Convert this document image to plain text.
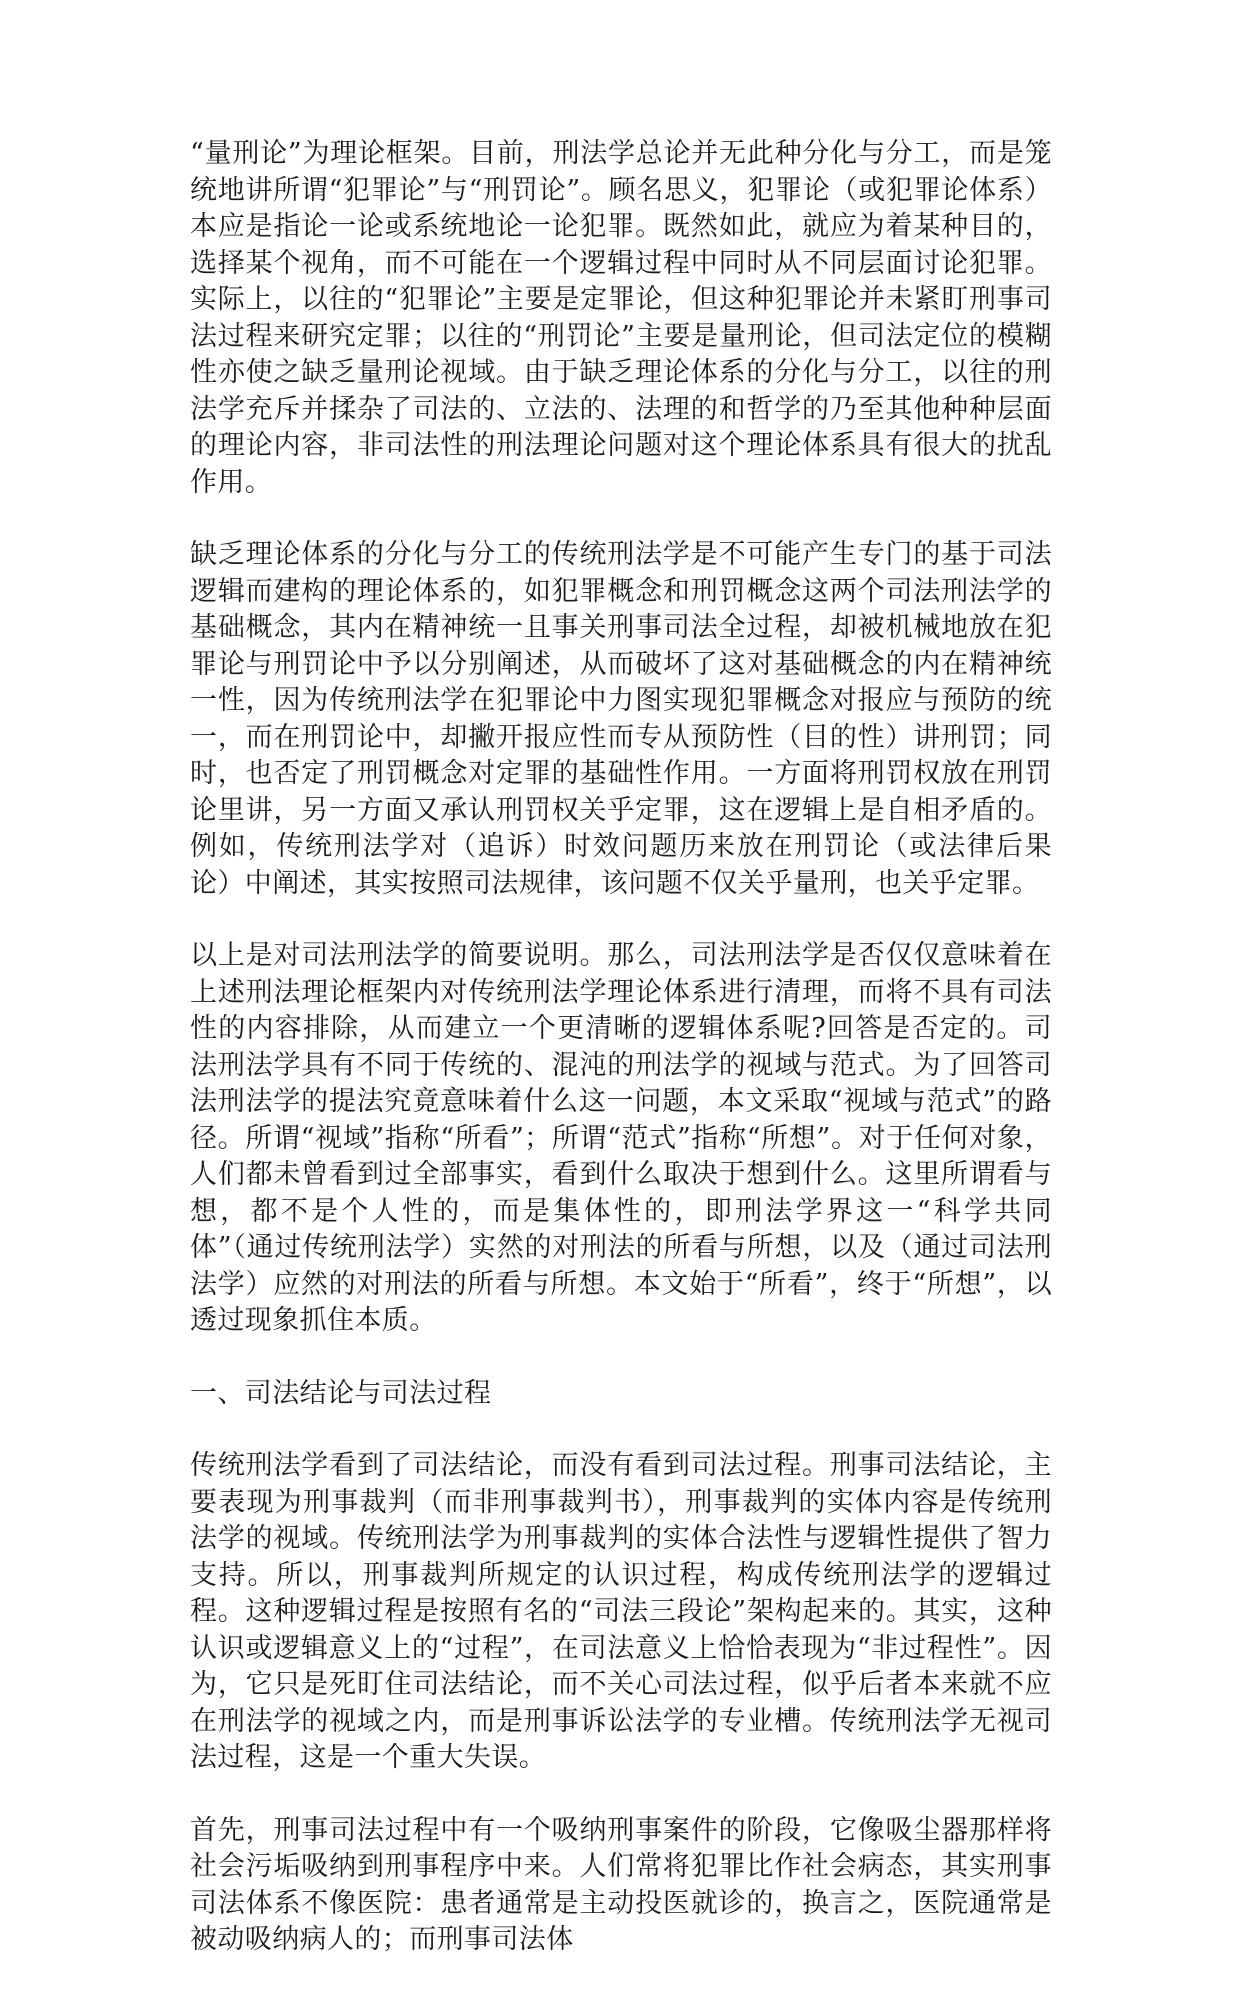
“量刑论”为理论框架。目前，刑法学总论并无此种分化与分工，而是笼统地讲所谓“犯罪论”与“刑罚论”。顾名思义，犯罪论（或犯罪论体系）本应是指论一论或系统地论一论犯罪。既然如此，就应为着某种目的，选择某个视角，而不可能在一个逻辑过程中同时从不同层面讨论犯罪。实际上，以往的“犯罪论”主要是定罪论，但这种犯罪论并未紧盯刑事司法过程来研究定罪；以往的“刑罚论”主要是量刑论，但司法定位的模糊性亦使之缺乏量刑论视域。由于缺乏理论体系的分化与分工，以往的刑法学充斥并揉杂了司法的、立法的、法理的和哲学的乃至其他种种层面的理论内容，非司法性的刑法理论问题对这个理论体系具有很大的扰乱作用。

缺乏理论体系的分化与分工的传统刑法学是不可能产生专门的基于司法逻辑而建构的理论体系的，如犯罪概念和刑罚概念这两个司法刑法学的基础概念，其内在精神统一且事关刑事司法全过程，却被机械地放在犯罪论与刑罚论中予以分别阐述，从而破坏了这对基础概念的内在精神统一性，因为传统刑法学在犯罪论中力图实现犯罪概念对报应与预防的统一，而在刑罚论中，却撇开报应性而专从预防性（目的性）讲刑罚；同时，也否定了刑罚概念对定罪的基础性作用。一方面将刑罚权放在刑罚论里讲，另一方面又承认刑罚权关乎定罪，这在逻辑上是自相矛盾的。例如，传统刑法学对（追诉）时效问题历来放在刑罚论（或法律后果论）中阐述，其实按照司法规律，该问题不仅关乎量刑，也关乎定罪。

以上是对司法刑法学的简要说明。那么，司法刑法学是否仅仅意味着在上述刑法理论框架内对传统刑法学理论体系进行清理，而将不具有司法性的内容排除，从而建立一个更清晰的逻辑体系呢?回答是否定的。司法刑法学具有不同于传统的、混沌的刑法学的视域与范式。为了回答司法刑法学的提法究竟意味着什么这一问题，本文采取“视域与范式”的路径。所谓“视域”指称“所看”；所谓“范式”指称“所想”。对于任何对象，人们都未曾看到过全部事实，看到什么取决于想到什么。这里所谓看与想，都不是个人性的，而是集体性的，即刑法学界这一“科学共同体”（通过传统刑法学）实然的对刑法的所看与所想，以及（通过司法刑法学）应然的对刑法的所看与所想。本文始于“所看”，终于“所想”，以透过现象抓住本质。

一、司法结论与司法过程

传统刑法学看到了司法结论，而没有看到司法过程。刑事司法结论，主要表现为刑事裁判（而非刑事裁判书），刑事裁判的实体内容是传统刑法学的视域。传统刑法学为刑事裁判的实体合法性与逻辑性提供了智力支持。所以，刑事裁判所规定的认识过程，构成传统刑法学的逻辑过程。这种逻辑过程是按照有名的“司法三段论”架构起来的。其实，这种认识或逻辑意义上的“过程”，在司法意义上恰恰表现为“非过程性”。因为，它只是死盯住司法结论，而不关心司法过程，似乎后者本来就不应在刑法学的视域之内，而是刑事诉讼法学的专业槽。传统刑法学无视司法过程，这是一个重大失误。

首先，刑事司法过程中有一个吸纳刑事案件的阶段，它像吸尘器那样将社会污垢吸纳到刑事程序中来。人们常将犯罪比作社会病态，其实刑事司法体系不像医院：患者通常是主动投医就诊的，换言之，医院通常是被动吸纳病人的；而刑事司法体
